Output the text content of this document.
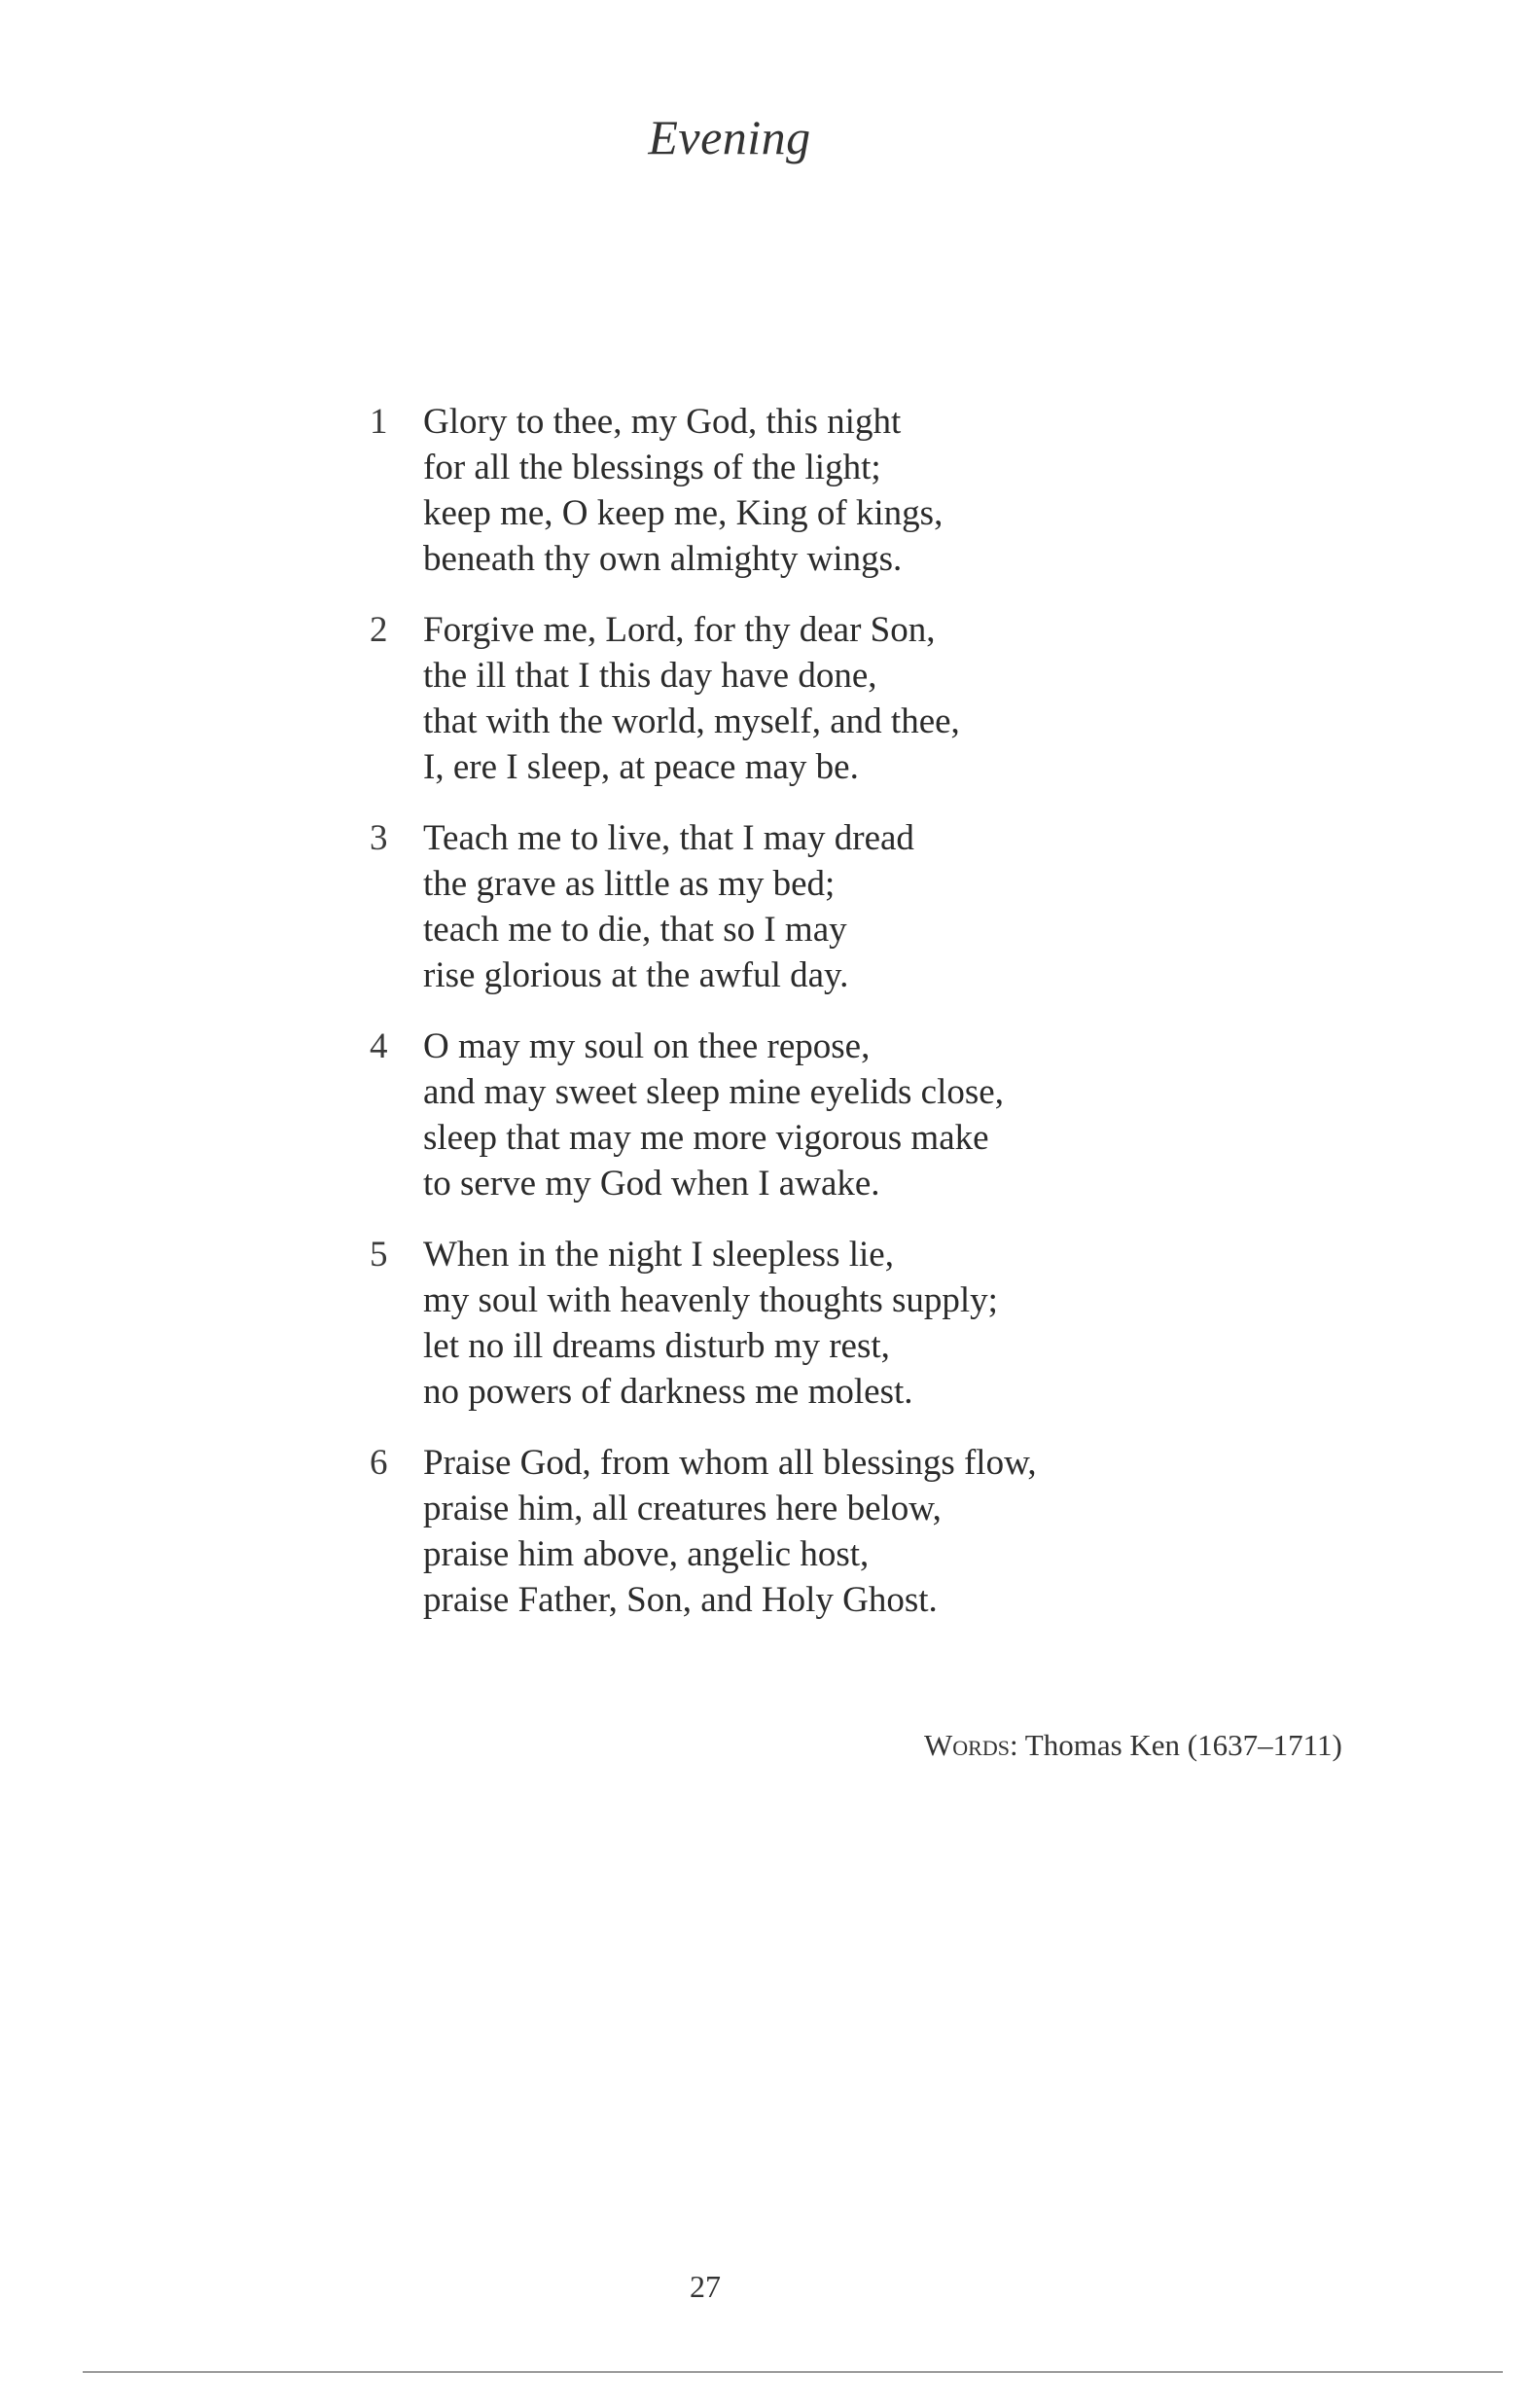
Evening
1 Glory to thee, my God, this night
for all the blessings of the light;
keep me, O keep me, King of kings,
beneath thy own almighty wings.
2 Forgive me, Lord, for thy dear Son,
the ill that I this day have done,
that with the world, myself, and thee,
I, ere I sleep, at peace may be.
3 Teach me to live, that I may dread
the grave as little as my bed;
teach me to die, that so I may
rise glorious at the awful day.
4 O may my soul on thee repose,
and may sweet sleep mine eyelids close,
sleep that may me more vigorous make
to serve my God when I awake.
5 When in the night I sleepless lie,
my soul with heavenly thoughts supply;
let no ill dreams disturb my rest,
no powers of darkness me molest.
6 Praise God, from whom all blessings flow,
praise him, all creatures here below,
praise him above, angelic host,
praise Father, Son, and Holy Ghost.
Words: Thomas Ken (1637–1711)
27
